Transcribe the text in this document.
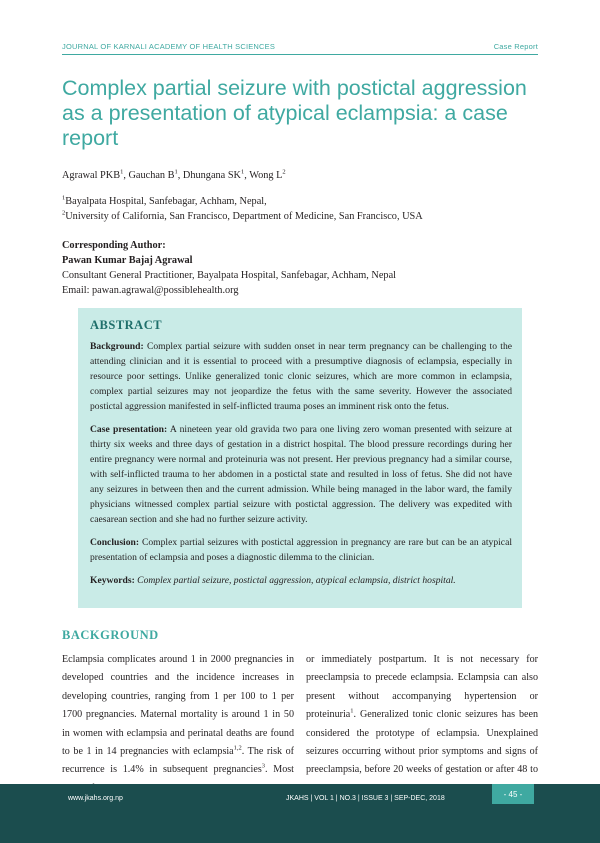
JOURNAL OF KARNALI ACADEMY OF HEALTH SCIENCES	Case Report
Complex partial seizure with postictal aggression as a presentation of atypical eclampsia: a case report
Agrawal PKB$^1$, Gauchan $B^1$, Dhungana $SK^1$, Wong $L^2$
$^1$Bayalpata Hospital, Sanfebagar, Achham, Nepal,
$^2$University of California, San Francisco, Department of Medicine, San Francisco, USA
Corresponding Author:
Pawan Kumar Bajaj Agrawal
Consultant General Practitioner, Bayalpata Hospital, Sanfebagar, Achham, Nepal
Email: pawan.agrawal@possiblehealth.org
ABSTRACT

Background: Complex partial seizure with sudden onset in near term pregnancy can be challenging to the attending clinician and it is essential to proceed with a presumptive diagnosis of eclampsia, especially in resource poor settings. Unlike generalized tonic clonic seizures, which are more common in eclampsia, complex partial seizures may not jeopardize the fetus with the same severity. However the associated postictal aggression manifested in self-inflicted trauma poses an imminent risk onto the fetus.

Case presentation: A nineteen year old gravida two para one living zero woman presented with seizure at thirty six weeks and three days of gestation in a district hospital. The blood pressure recordings during her entire pregnancy were normal and proteinuria was not present. Her previous pregnancy had a similar course, with self-inflicted trauma to her abdomen in a postictal state and resulted in loss of fetus. She did not have any seizures in between then and the current admission. While being managed in the labor ward, the family physicians witnessed complex partial seizure with postictal aggression. The delivery was expedited with caesarean section and she had no further seizure activity.

Conclusion: Complex partial seizures with postictal aggression in pregnancy are rare but can be an atypical presentation of eclampsia and poses a diagnostic dilemma to the clinician.

Keywords: Complex partial seizure, postictal aggression, atypical eclampsia, district hospital.

BACKGROUND
Eclampsia complicates around 1 in 2000 pregnancies in developed countries and the incidence increases in developing countries, ranging from 1 per 100 to 1 per 1700 pregnancies. Maternal mortality is around 1 in 50 in women with eclampsia and perinatal deaths are found to be 1 in 14 pregnancies with eclampsia$^{1,2}$. The risk of recurrence is 1.4% in subsequent pregnancies$^3$. Most
or immediately postpartum. It is not necessary for preeclampsia to precede eclampsia. Eclampsia can also present without accompanying hypertension or proteinuria$^1$. Generalized tonic clonic seizures has been considered the prototype of eclampsia. Unexplained seizures occurring without prior symptoms and signs of preeclampsia, before 20 weeks of gestation or after 48 to
www.jkahs.org.np	JKAHS | VOL 1 | NO.3 | ISSUE 3 | SEP-DEC, 2018	- 45 -
